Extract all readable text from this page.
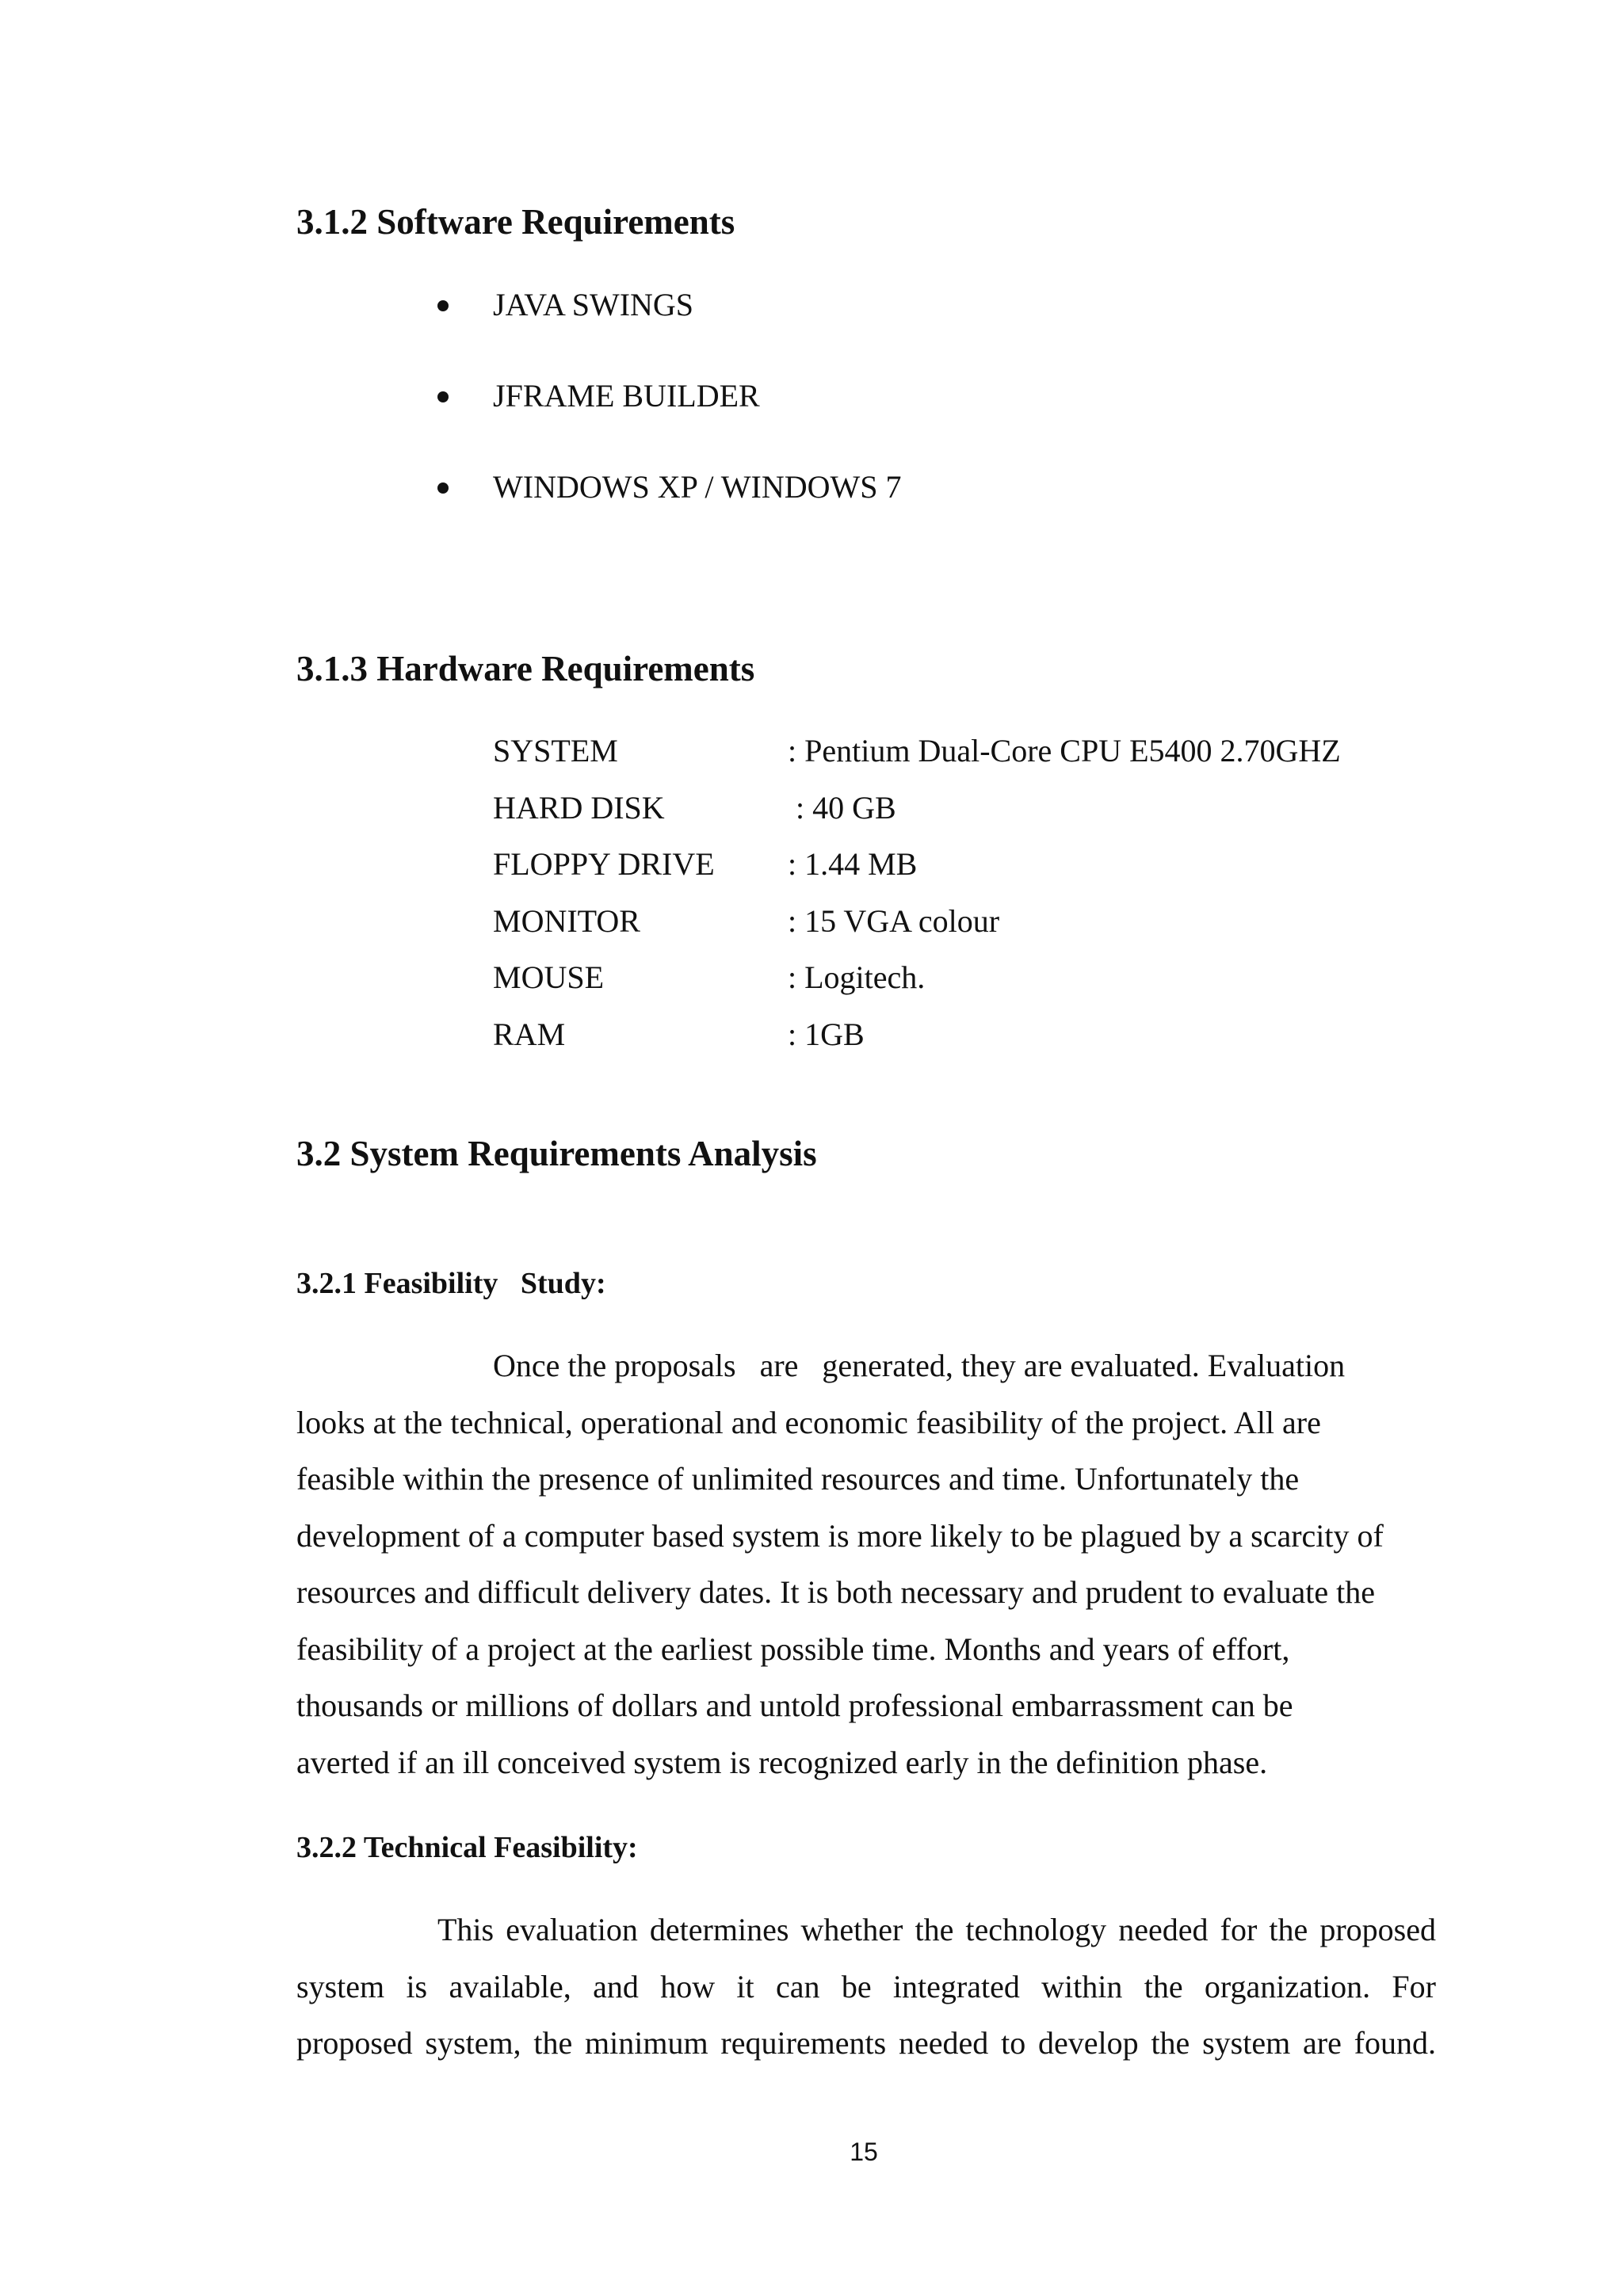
3.1.2 Software Requirements
JAVA SWINGS
JFRAME BUILDER
WINDOWS XP / WINDOWS 7
3.1.3 Hardware Requirements

SYSTEM

	: Pentium Dual-Core CPU E5400 2.70GHZ

HARD DISK

	: 40 GB

FLOPPY DRIVE

: 1.44 MB

MONITOR

	: 15 VGA colour

MOUSE

	: Logitech.

RAM

	: 1GB

3.2 System Requirements Analysis
3.2.1 Feasibility   Study:
Once the proposals   are   generated, they are evaluated. Evaluation
looks at the technical, operational and economic feasibility of the project. All are
feasible within the presence of unlimited resources and time. Unfortunately the
development of a computer based system is more likely to be plagued by a scarcity of
resources and difficult delivery dates. It is both necessary and prudent to evaluate the
feasibility of a project at the earliest possible time. Months and years of effort,
thousands or millions of dollars and untold professional embarrassment can be
averted if an ill conceived system is recognized early in the definition phase.
3.2.2 Technical Feasibility:
This evaluation determines whether the technology needed for the proposed
system is available, and how it can be integrated within the organization. For
proposed system, the minimum requirements needed to develop the system are found.
15
